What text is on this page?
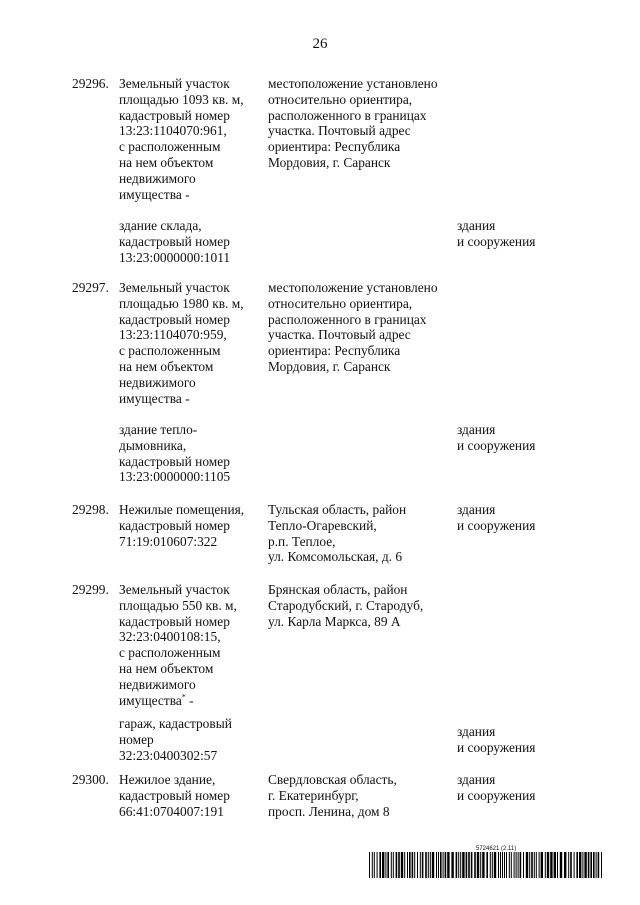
26
29296. Земельный участок
площадью 1093 кв. м,
кадастровый номер
13:23:1104070:961,
с расположенным
на нем объектом
недвижимого
имущества -
местоположение установлено
относительно ориентира,
расположенного в границах
участка. Почтовый адрес
ориентира: Республика
Мордовия, г. Саранск
здание склада,
кадастровый номер
13:23:0000000:1011
здания
и сооружения
29297. Земельный участок
площадью 1980 кв. м,
кадастровый номер
13:23:1104070:959,
с расположенным
на нем объектом
недвижимого
имущества -
местоположение установлено
относительно ориентира,
расположенного в границах
участка. Почтовый адрес
ориентира: Республика
Мордовия, г. Саранск
здание тепло-
дымовника,
кадастровый номер
13:23:0000000:1105
здания
и сооружения
29298. Нежилые помещения,
кадастровый номер
71:19:010607:322
Тульская область, район
Тепло-Огаревский,
р.п. Теплое,
ул. Комсомольская, д. 6
здания
и сооружения
29299. Земельный участок
площадью 550 кв. м,
кадастровый номер
32:23:0400108:15,
с расположенным
на нем объектом
недвижимого
имущества* -
Брянская область, район
Стародубский, г. Стародуб,
ул. Карла Маркса, 89 А
гараж, кадастровый
номер
32:23:0400302:57
здания
и сооружения
29300. Нежилое здание,
кадастровый номер
66:41:0704007:191
Свердловская область,
г. Екатеринбург,
просп. Ленина, дом 8
здания
и сооружения
5724621 (2.11)
